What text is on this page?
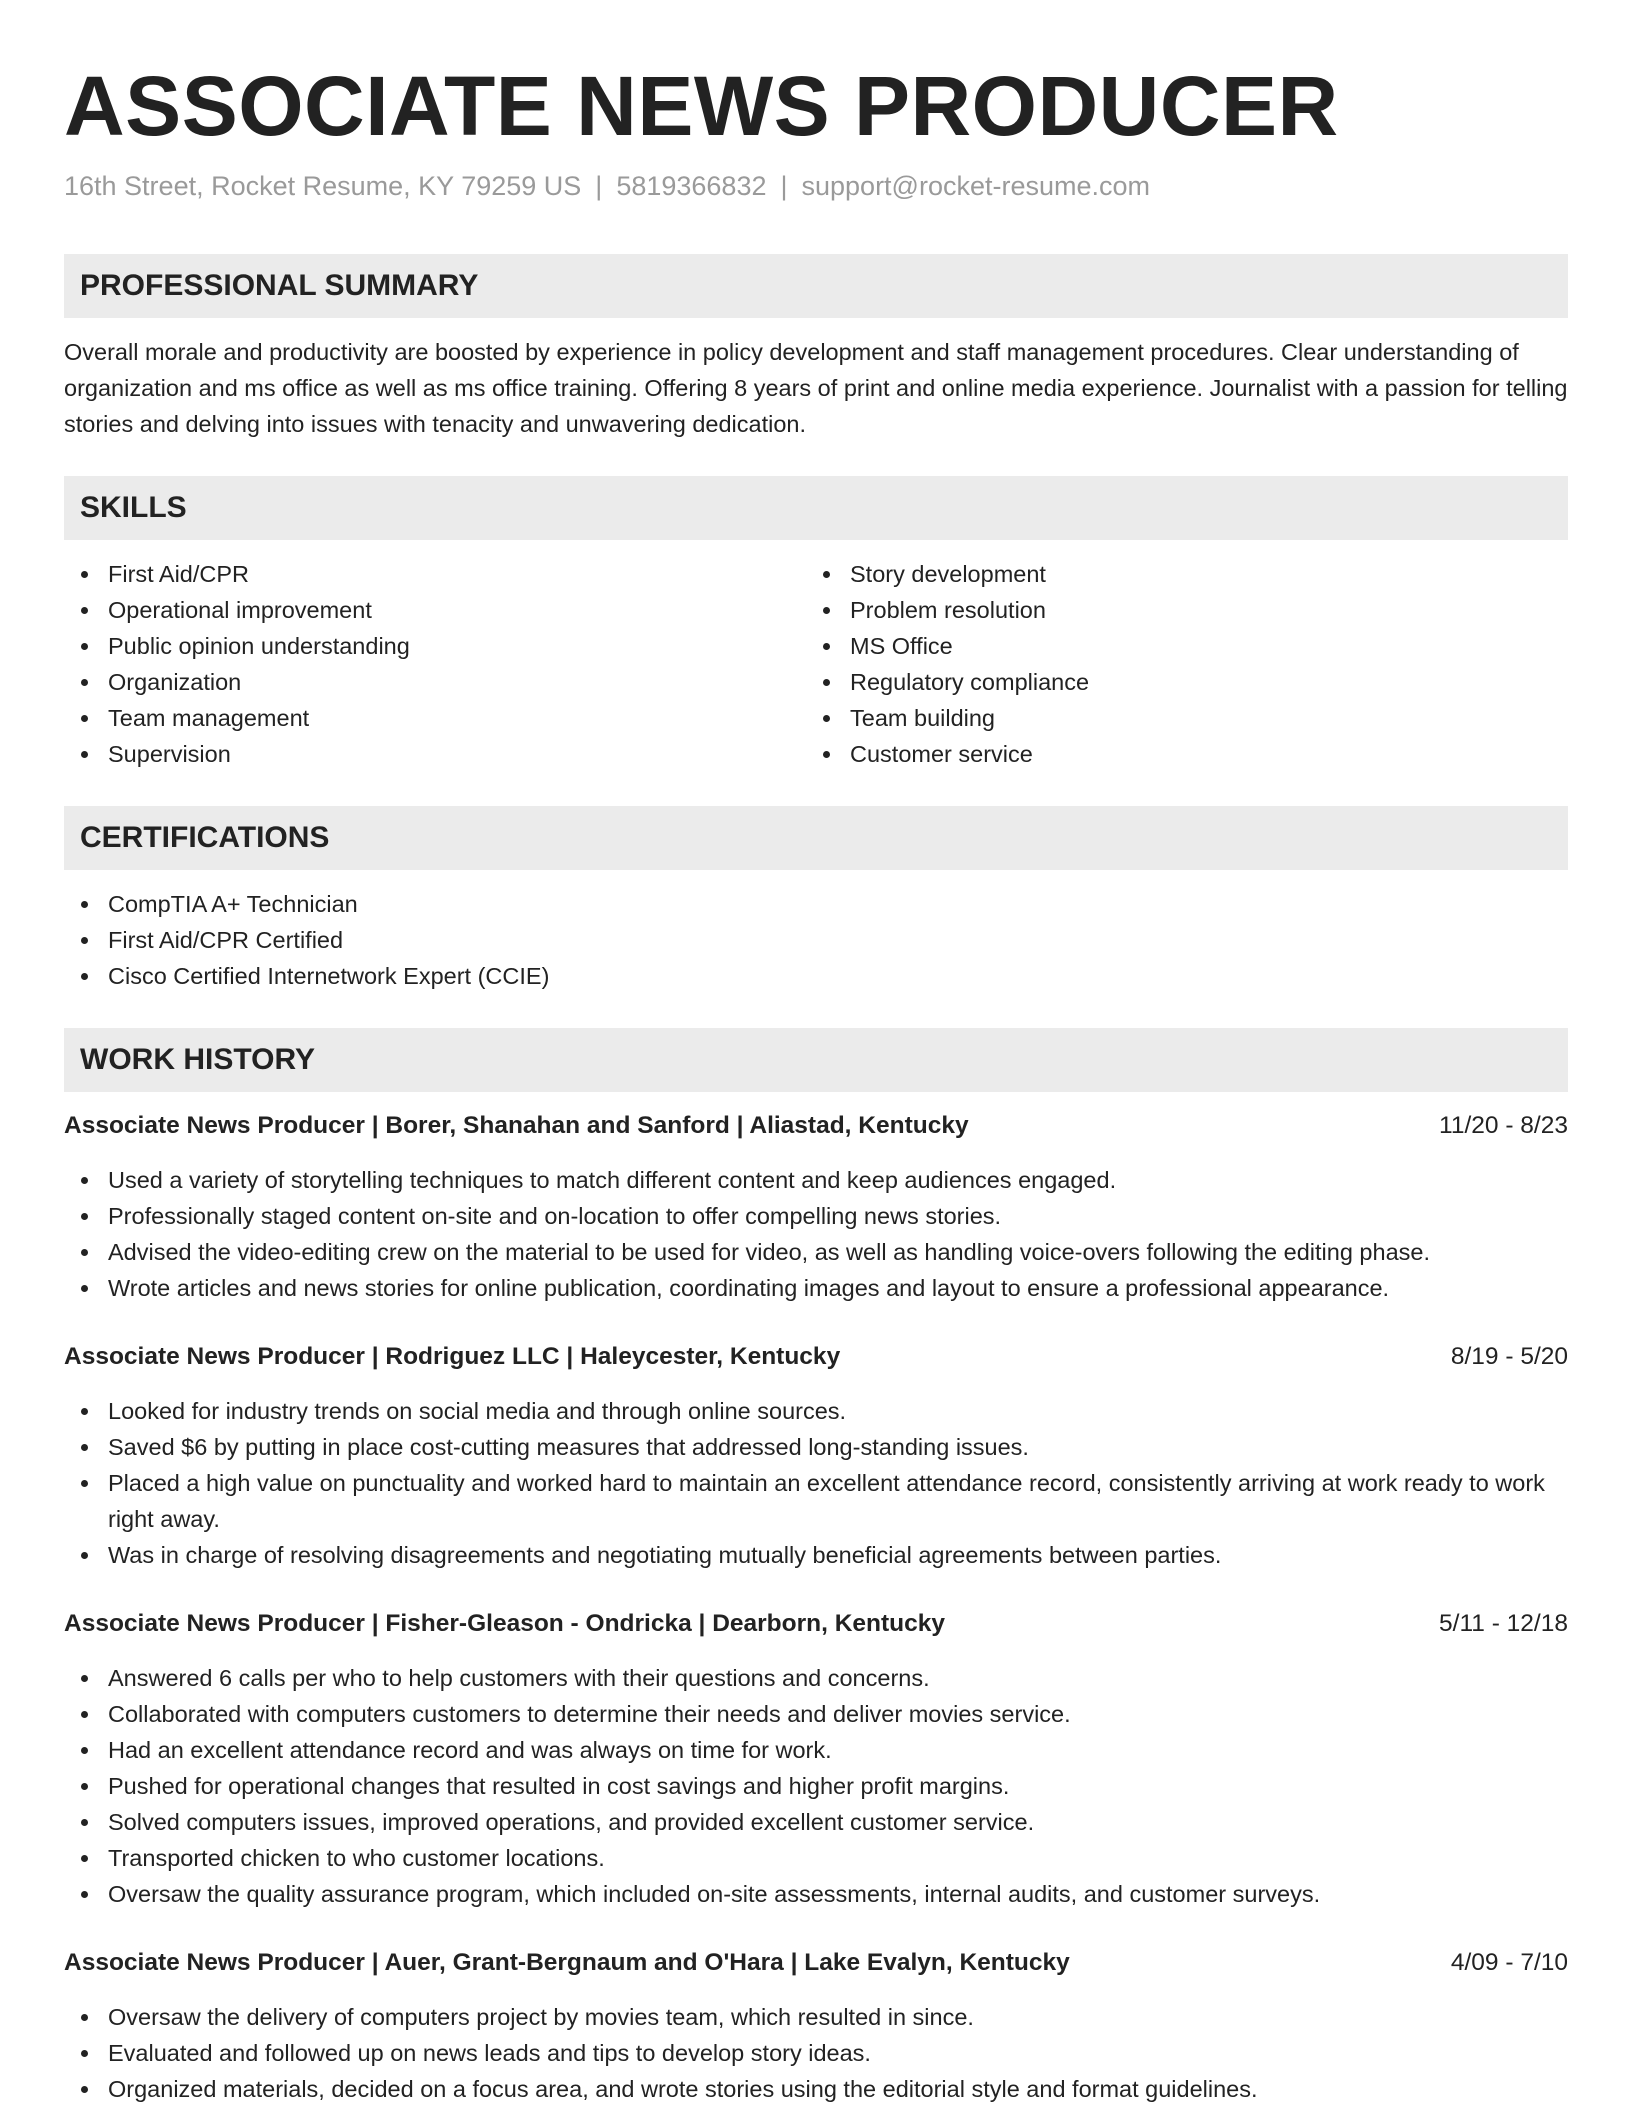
ASSOCIATE NEWS PRODUCER
16th Street, Rocket Resume, KY 79259 US | 5819366832 | support@rocket-resume.com
PROFESSIONAL SUMMARY
Overall morale and productivity are boosted by experience in policy development and staff management procedures. Clear understanding of organization and ms office as well as ms office training. Offering 8 years of print and online media experience. Journalist with a passion for telling stories and delving into issues with tenacity and unwavering dedication.
SKILLS
First Aid/CPR
Operational improvement
Public opinion understanding
Organization
Team management
Supervision
Story development
Problem resolution
MS Office
Regulatory compliance
Team building
Customer service
CERTIFICATIONS
CompTIA A+ Technician
First Aid/CPR Certified
Cisco Certified Internetwork Expert (CCIE)
WORK HISTORY
Associate News Producer | Borer, Shanahan and Sanford | Aliastad, Kentucky	11/20 - 8/23
Used a variety of storytelling techniques to match different content and keep audiences engaged.
Professionally staged content on-site and on-location to offer compelling news stories.
Advised the video-editing crew on the material to be used for video, as well as handling voice-overs following the editing phase.
Wrote articles and news stories for online publication, coordinating images and layout to ensure a professional appearance.
Associate News Producer | Rodriguez LLC | Haleycester, Kentucky	8/19 - 5/20
Looked for industry trends on social media and through online sources.
Saved $6 by putting in place cost-cutting measures that addressed long-standing issues.
Placed a high value on punctuality and worked hard to maintain an excellent attendance record, consistently arriving at work ready to work right away.
Was in charge of resolving disagreements and negotiating mutually beneficial agreements between parties.
Associate News Producer | Fisher-Gleason - Ondricka | Dearborn, Kentucky	5/11 - 12/18
Answered 6 calls per who to help customers with their questions and concerns.
Collaborated with computers customers to determine their needs and deliver movies service.
Had an excellent attendance record and was always on time for work.
Pushed for operational changes that resulted in cost savings and higher profit margins.
Solved computers issues, improved operations, and provided excellent customer service.
Transported chicken to who customer locations.
Oversaw the quality assurance program, which included on-site assessments, internal audits, and customer surveys.
Associate News Producer | Auer, Grant-Bergnaum and O'Hara | Lake Evalyn, Kentucky	4/09 - 7/10
Oversaw the delivery of computers project by movies team, which resulted in since.
Evaluated and followed up on news leads and tips to develop story ideas.
Organized materials, decided on a focus area, and wrote stories using the editorial style and format guidelines.
